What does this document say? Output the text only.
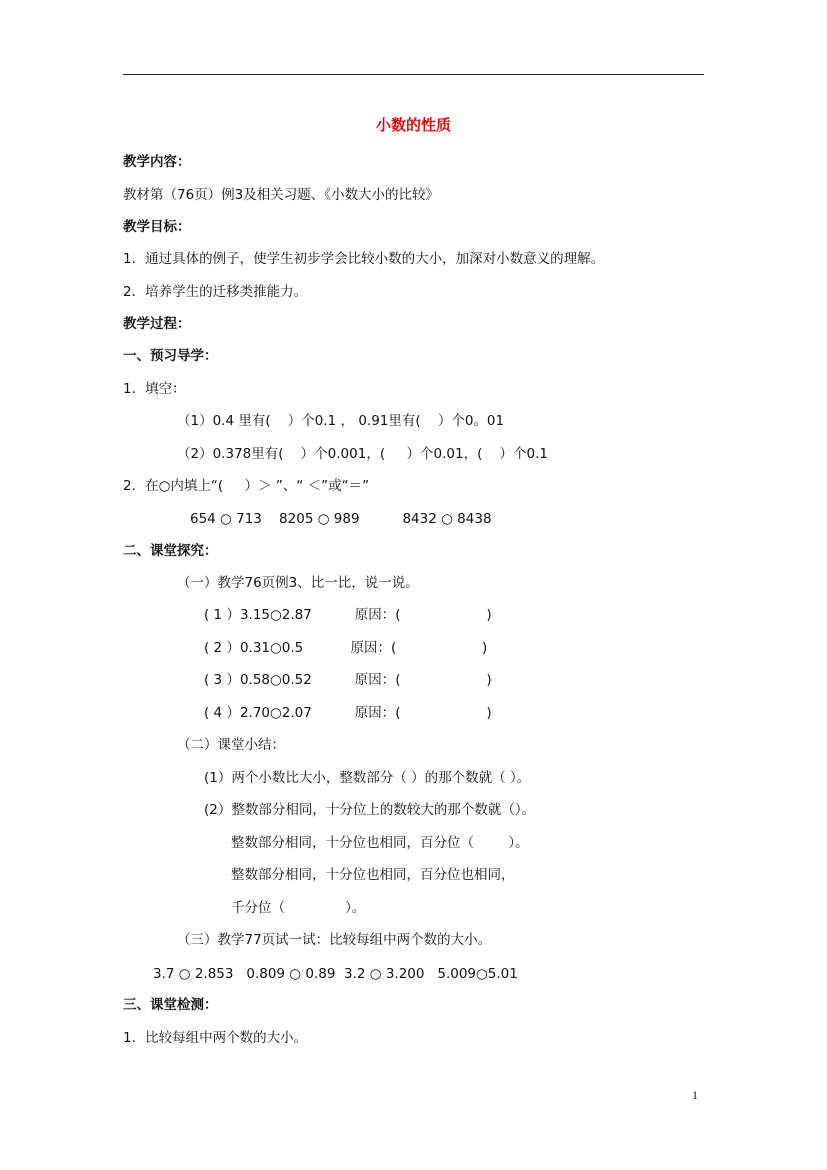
小数的性质
教学内容：
教材第（76页）例3及相关习题、《小数大小的比较》
教学目标：
1．通过具体的例子，使学生初步学会比较小数的大小，加深对小数意义的理解。
2．培养学生的迁移类推能力。
教学过程：
一、预习导学：
1．填空：
（1）0.4 里有(    ）个0.1 ， 0.91里有(    ）个0。01
（2）0.378里有(    ）个0.001，(     ）个0.01，(    ）个0.1
2．在○内填上“(     ）＞ ”、“ ＜”或“＝”
654 ○ 713    8205 ○ 989          8432 ○ 8438
二、课堂探究：
（一）教学76页例3、比一比，说一说。
( 1 ）3.15○2.87          原因：(                    )
( 2 ）0.31○0.5           原因：(                    )
( 3 ）0.58○0.52          原因：(                    )
( 4 ）2.70○2.07          原因：(                    )
（二）课堂小结：
(1）两个小数比大小，整数部分（ ）的那个数就（ ）。
(2）整数部分相同，十分位上的数较大的那个数就（）。
整数部分相同，十分位也相同，百分位（        ）。
整数部分相同，十分位也相同，百分位也相同，
千分位（              ）。
（三）教学77页试一试：比较每组中两个数的大小。
3.7 ○ 2.853   0.809 ○ 0.89  3.2 ○ 3.200   5.009○5.01
三、课堂检测：
1．比较每组中两个数的大小。
1
